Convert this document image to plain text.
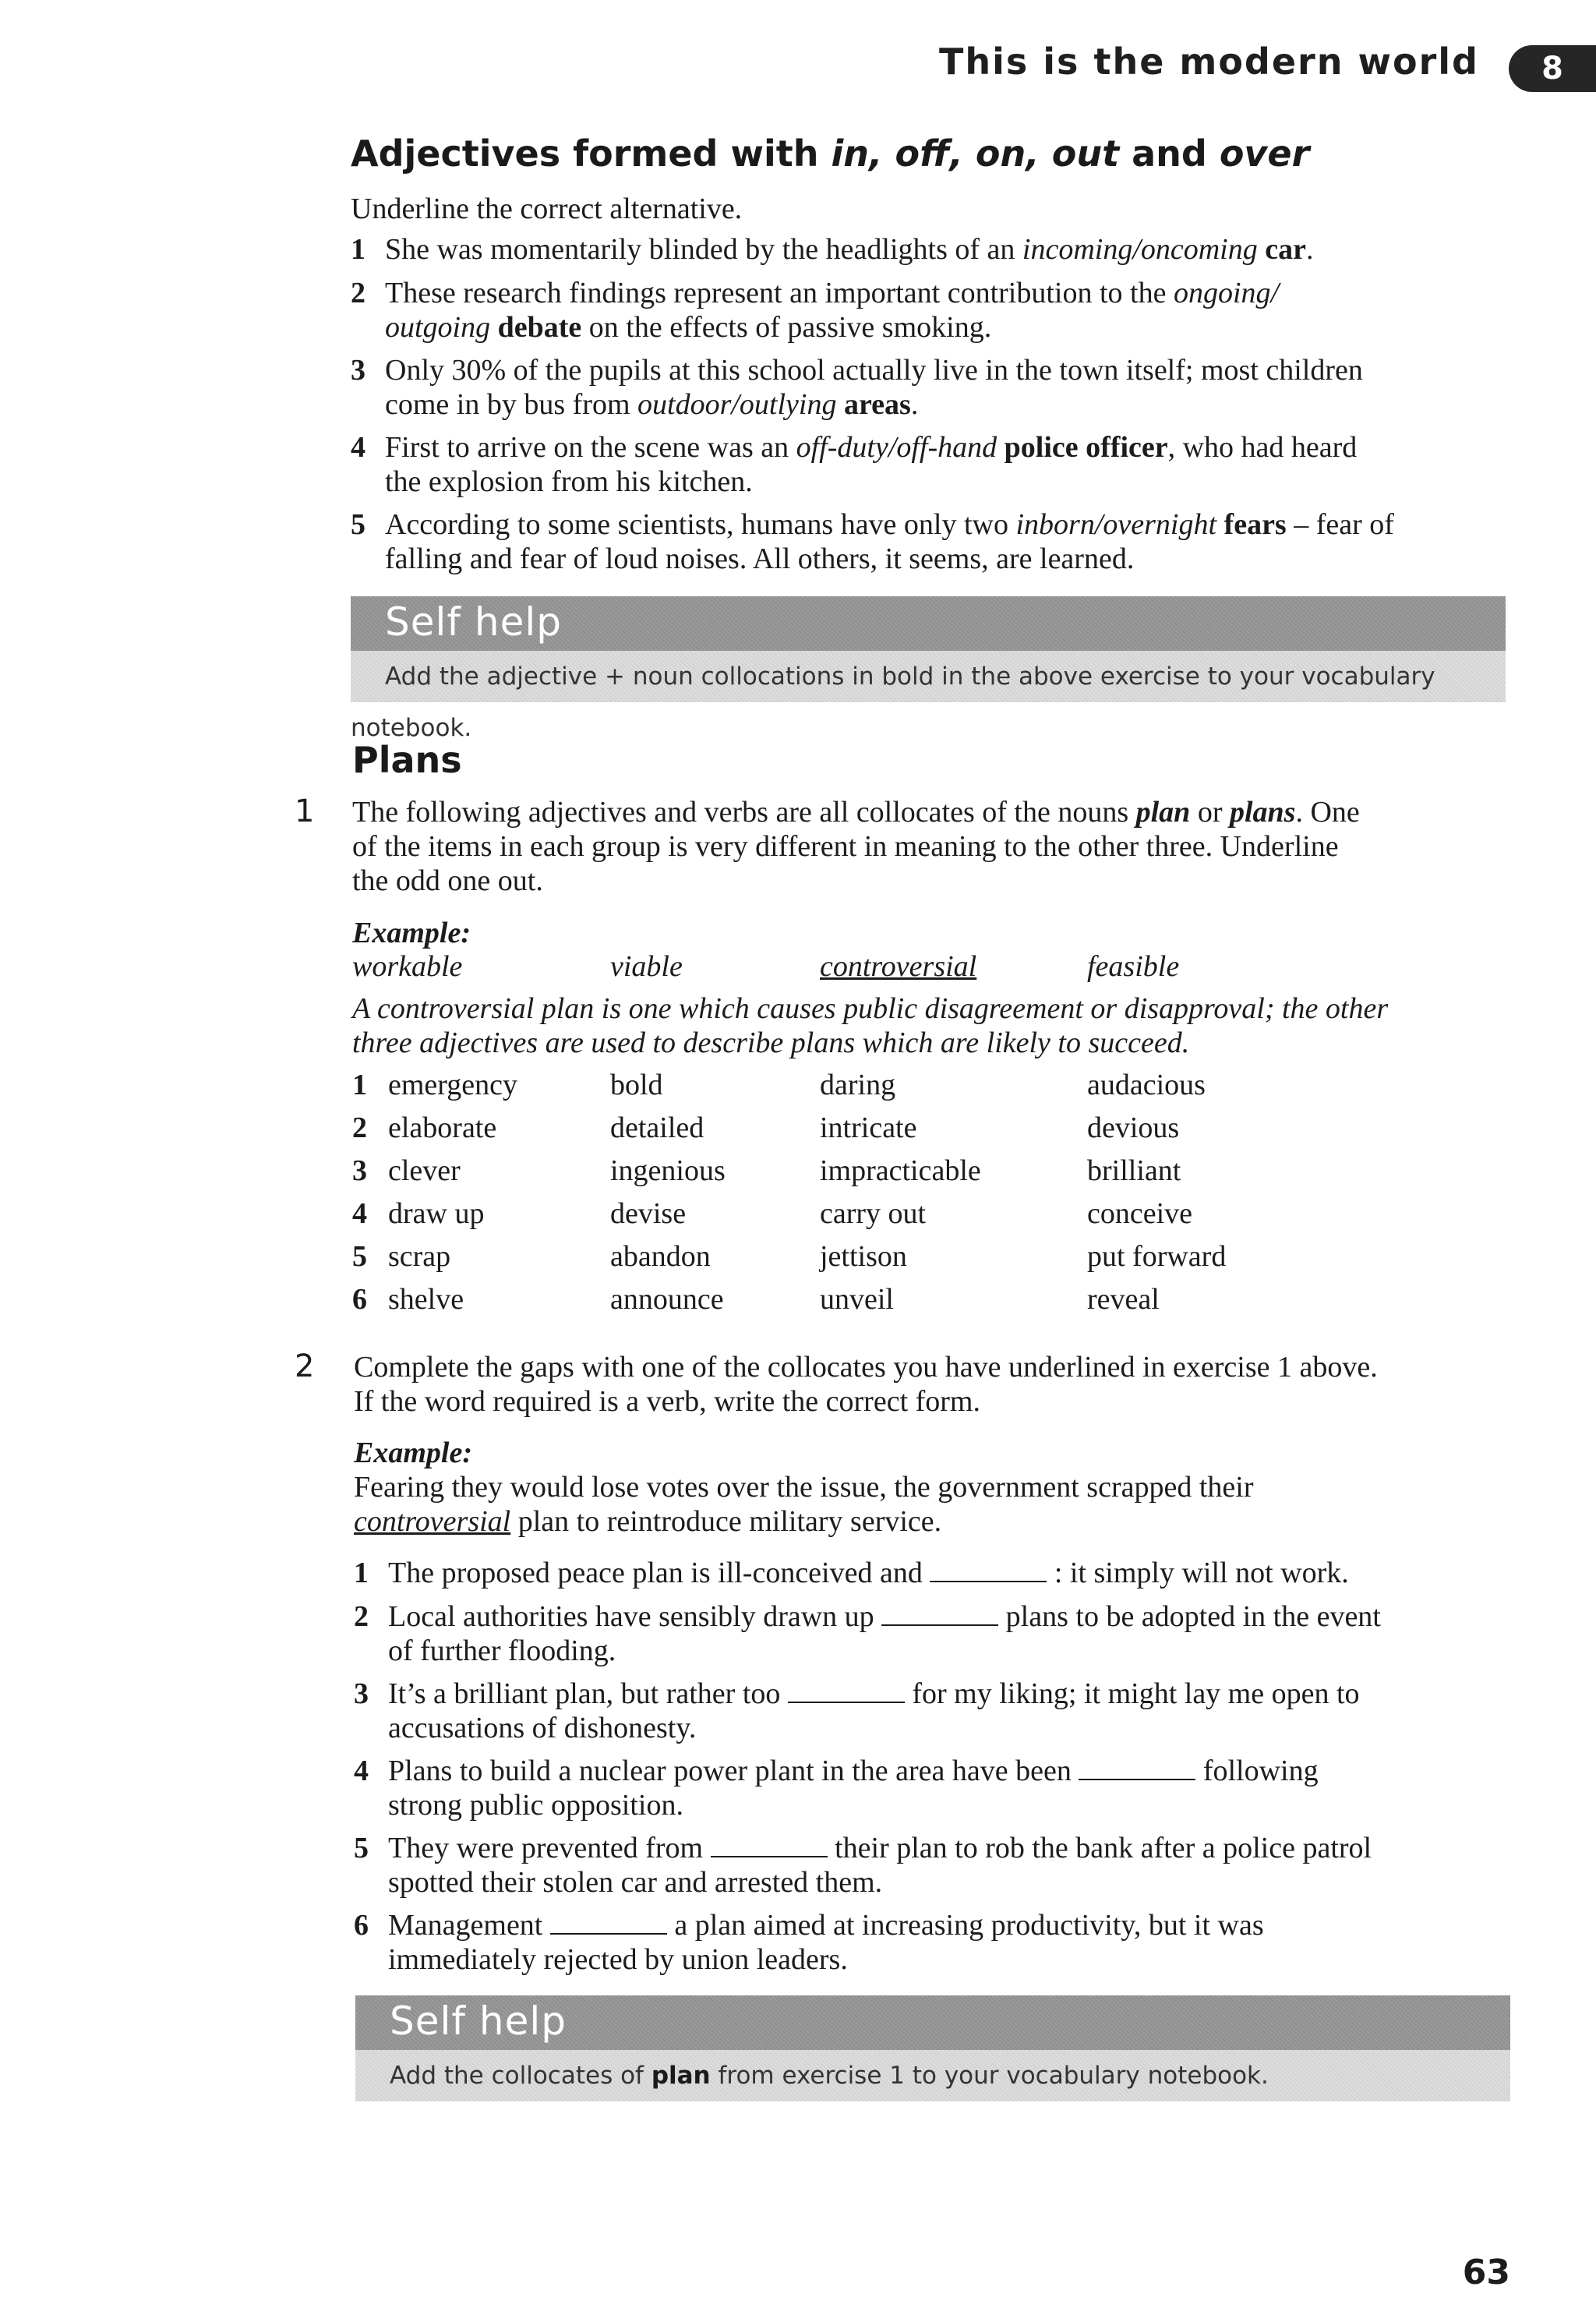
This is the modern world	8
Adjectives formed with in, off, on, out and over
Underline the correct alternative.
1 She was momentarily blinded by the headlights of an incoming/oncoming car.
2 These research findings represent an important contribution to the ongoing/
outgoing debate on the effects of passive smoking.
3 Only 30% of the pupils at this school actually live in the town itself; most children
come in by bus from outdoor/outlying areas.
4 First to arrive on the scene was an off-duty/off-hand police officer, who had heard
the explosion from his kitchen.
5 According to some scientists, humans have only two inborn/overnight fears – fear of
falling and fear of loud noises. All others, it seems, are learned.
Self help
Add the adjective + noun collocations in bold in the above exercise to your vocabulary notebook.
Plans
1 The following adjectives and verbs are all collocates of the nouns plan or plans. One
of the items in each group is very different in meaning to the other three. Underline
the odd one out.
Example:
workable	viable	controversial	feasible
A controversial plan is one which causes public disagreement or disapproval; the other
three adjectives are used to describe plans which are likely to succeed.
1 emergency	bold	daring	audacious
2 elaborate	detailed	intricate	devious
3 clever	ingenious	impracticable	brilliant
4 draw up	devise	carry out	conceive
5 scrap	abandon	jettison	put forward
6 shelve	announce	unveil	reveal
2 Complete the gaps with one of the collocates you have underlined in exercise 1 above.
If the word required is a verb, write the correct form.
Example:
Fearing they would lose votes over the issue, the government scrapped their
controversial plan to reintroduce military service.
1 The proposed peace plan is ill-conceived and	: it simply will not work.
2 Local authorities have sensibly drawn up	plans to be adopted in the event
of further flooding.
3 It’s a brilliant plan, but rather too	for my liking; it might lay me open to
accusations of dishonesty.
4 Plans to build a nuclear power plant in the area have been	following
strong public opposition.
5 They were prevented from	their plan to rob the bank after a police patrol
spotted their stolen car and arrested them.
6 Management	a plan aimed at increasing productivity, but it was
immediately rejected by union leaders.
Self help
Add the collocates of plan from exercise 1 to your vocabulary notebook.
63
